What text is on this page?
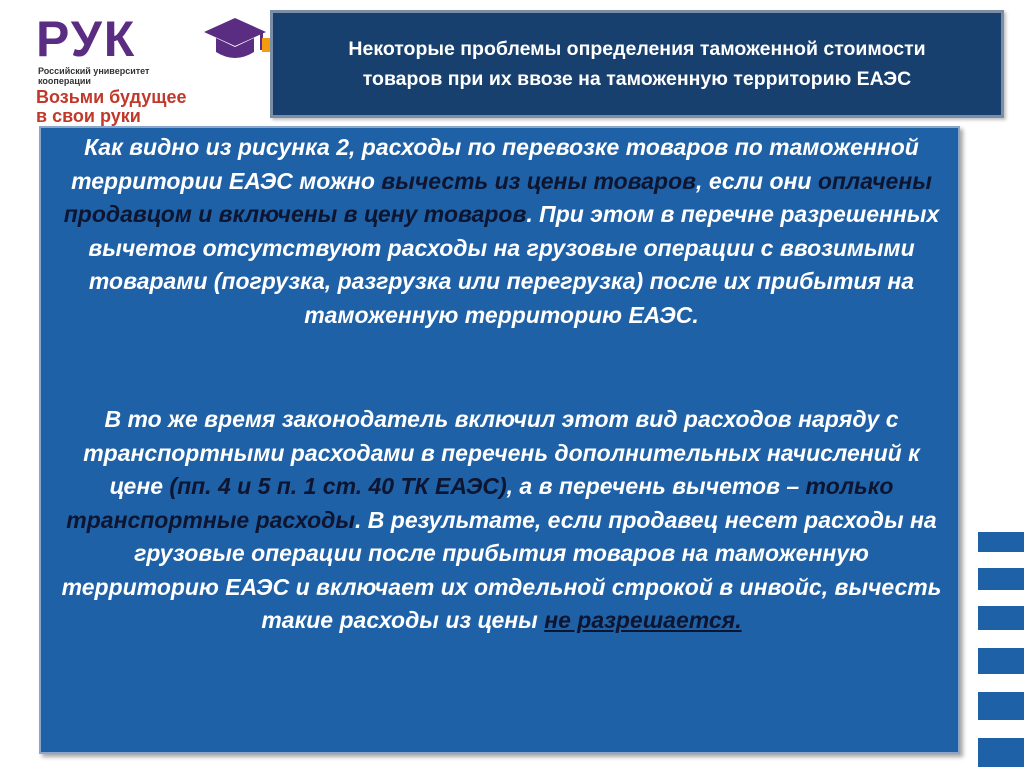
РУК
Российский университет
кооперации
Возьми будущее
в свои руки
Некоторые проблемы определения таможенной стоимости товаров при их ввозе на таможенную территорию ЕАЭС

Как видно из рисунка 2, расходы по перевозке товаров по таможенной территории ЕАЭС можно вычесть из цены товаров, если они оплачены продавцом и включены в цену товаров. При этом в перечне разрешенных вычетов отсутствуют расходы на грузовые операции с ввозимыми товарами (погрузка, разгрузка или перегрузка) после их прибытия на таможенную территорию ЕАЭС.

В то же время законодатель включил этот вид расходов наряду с транспортными расходами в перечень дополнительных начислений к цене (пп. 4 и 5 п. 1 ст. 40 ТК ЕАЭС), а в перечень вычетов – только транспортные расходы. В результате, если продавец несет расходы на грузовые операции после прибытия товаров на таможенную территорию ЕАЭС и включает их отдельной строкой в инвойс, вычесть такие расходы из цены не разрешается.
